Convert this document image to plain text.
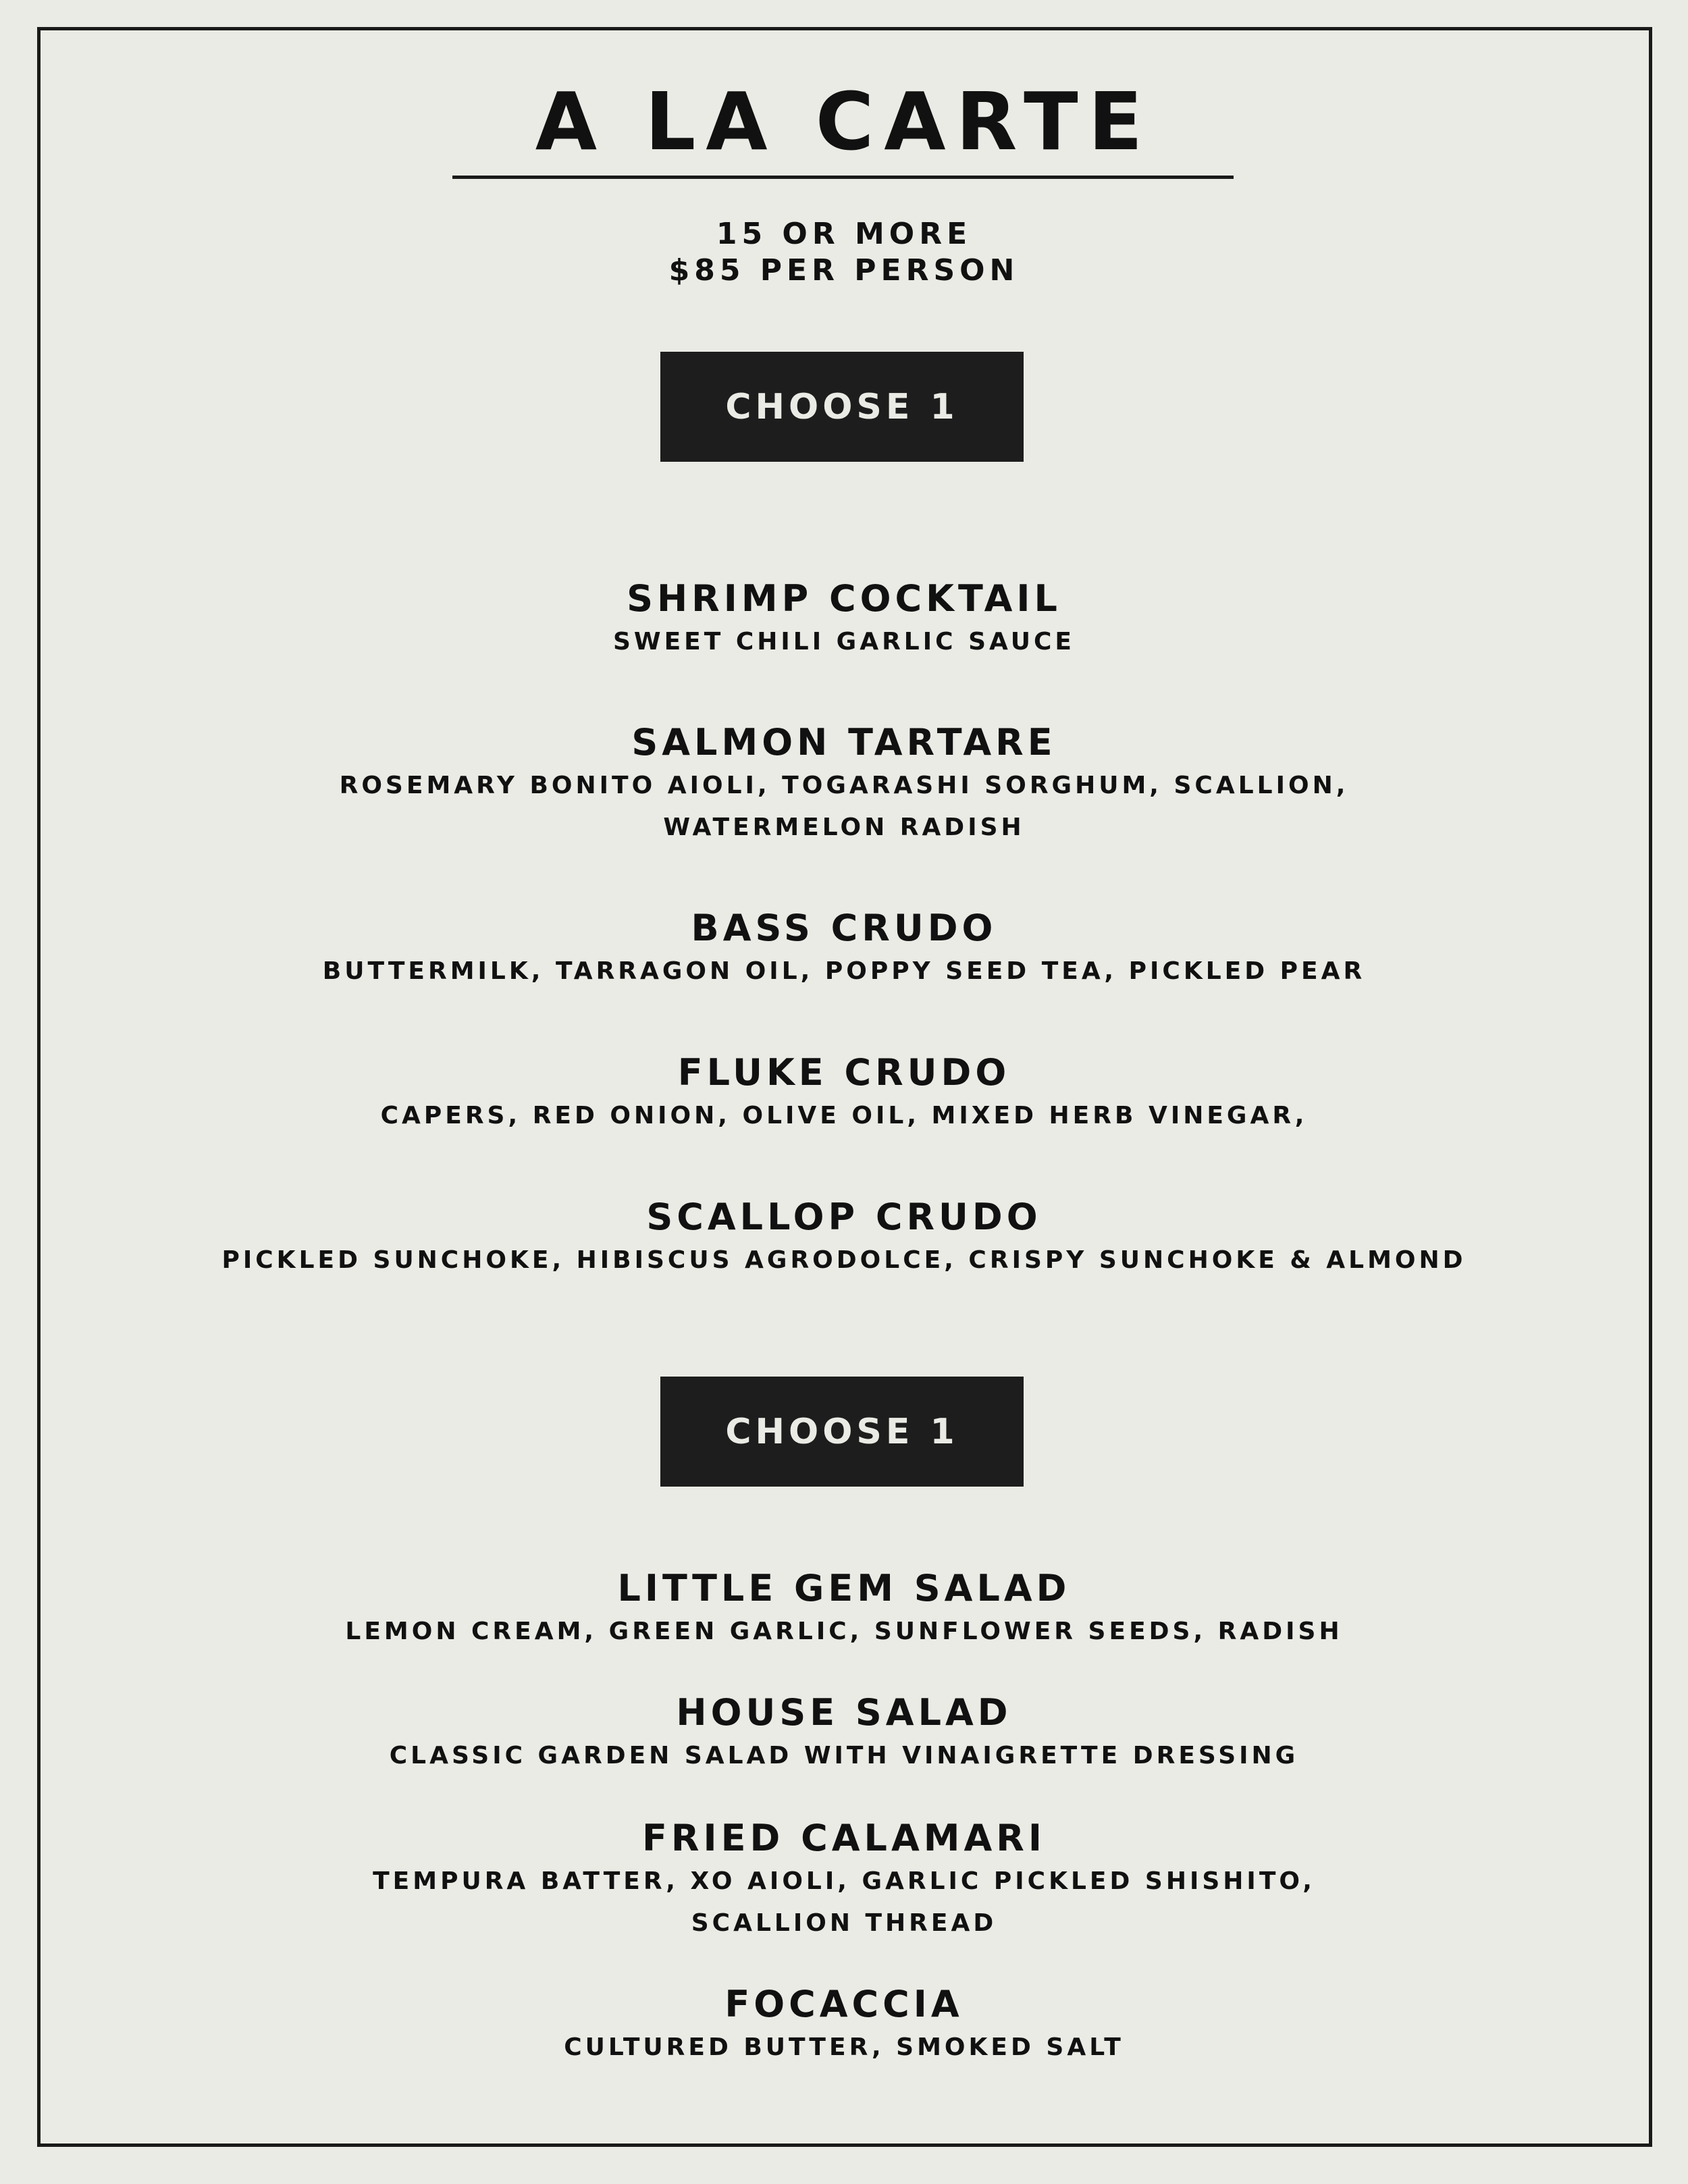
A LA CARTE
15 OR MORE
$85 PER PERSON
CHOOSE 1
SHRIMP COCKTAIL
SWEET CHILI GARLIC SAUCE
SALMON TARTARE
ROSEMARY BONITO AIOLI, TOGARASHI SORGHUM, SCALLION, WATERMELON RADISH
BASS CRUDO
BUTTERMILK, TARRAGON OIL, POPPY SEED TEA, PICKLED PEAR
FLUKE CRUDO
CAPERS, RED ONION, OLIVE OIL, MIXED HERB VINEGAR,
SCALLOP CRUDO
PICKLED SUNCHOKE, HIBISCUS AGRODOLCE, CRISPY SUNCHOKE & ALMOND
CHOOSE 1
LITTLE GEM SALAD
LEMON CREAM, GREEN GARLIC, SUNFLOWER SEEDS, RADISH
HOUSE SALAD
CLASSIC GARDEN SALAD WITH VINAIGRETTE DRESSING
FRIED CALAMARI
TEMPURA BATTER, XO AIOLI, GARLIC PICKLED SHISHITO, SCALLION THREAD
FOCACCIA
CULTURED BUTTER, SMOKED SALT
